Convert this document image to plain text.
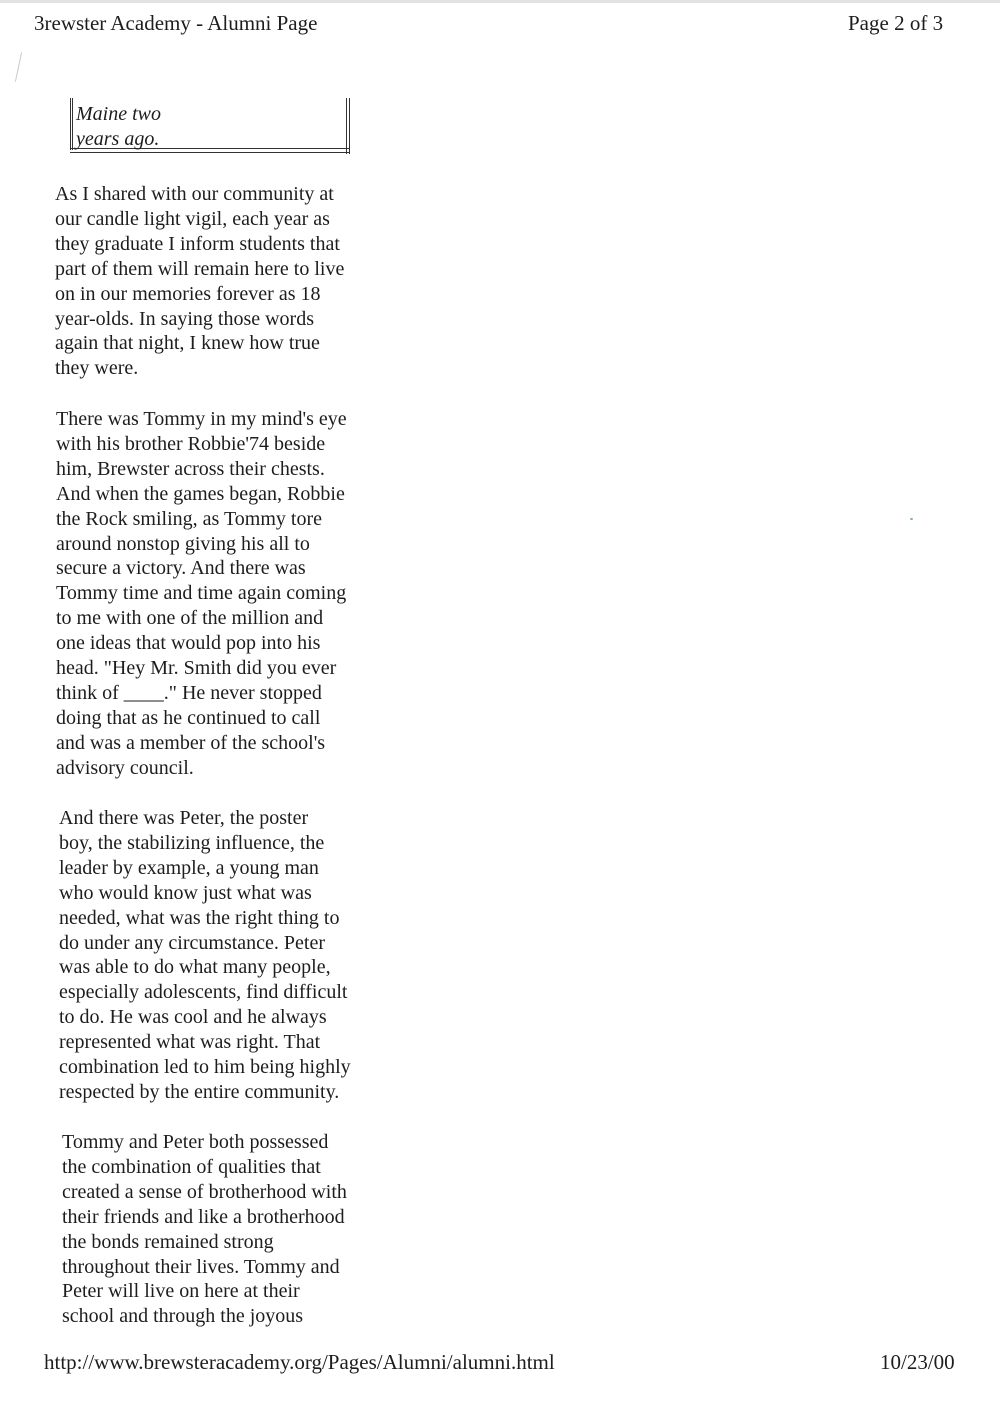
3rewster Academy - Alumni Page	Page 2 of 3
Maine two
years ago.
As I shared with our community at
our candle light vigil, each year as
they graduate I inform students that
part of them will remain here to live
on in our memories forever as 18
year-olds. In saying those words
again that night, I knew how true
they were.
There was Tommy in my mind's eye
with his brother Robbie'74 beside
him, Brewster across their chests.
And when the games began, Robbie
the Rock smiling, as Tommy tore
around nonstop giving his all to
secure a victory. And there was
Tommy time and time again coming
to me with one of the million and
one ideas that would pop into his
head. "Hey Mr. Smith did you ever
think of ____." He never stopped
doing that as he continued to call
and was a member of the school's
advisory council.
And there was Peter, the poster
boy, the stabilizing influence, the
leader by example, a young man
who would know just what was
needed, what was the right thing to
do under any circumstance. Peter
was able to do what many people,
especially adolescents, find difficult
to do. He was cool and he always
represented what was right. That
combination led to him being highly
respected by the entire community.
Tommy and Peter both possessed
the combination of qualities that
created a sense of brotherhood with
their friends and like a brotherhood
the bonds remained strong
throughout their lives. Tommy and
Peter will live on here at their
school and through the joyous
http://www.brewsteracademy.org/Pages/Alumni/alumni.html	10/23/00
